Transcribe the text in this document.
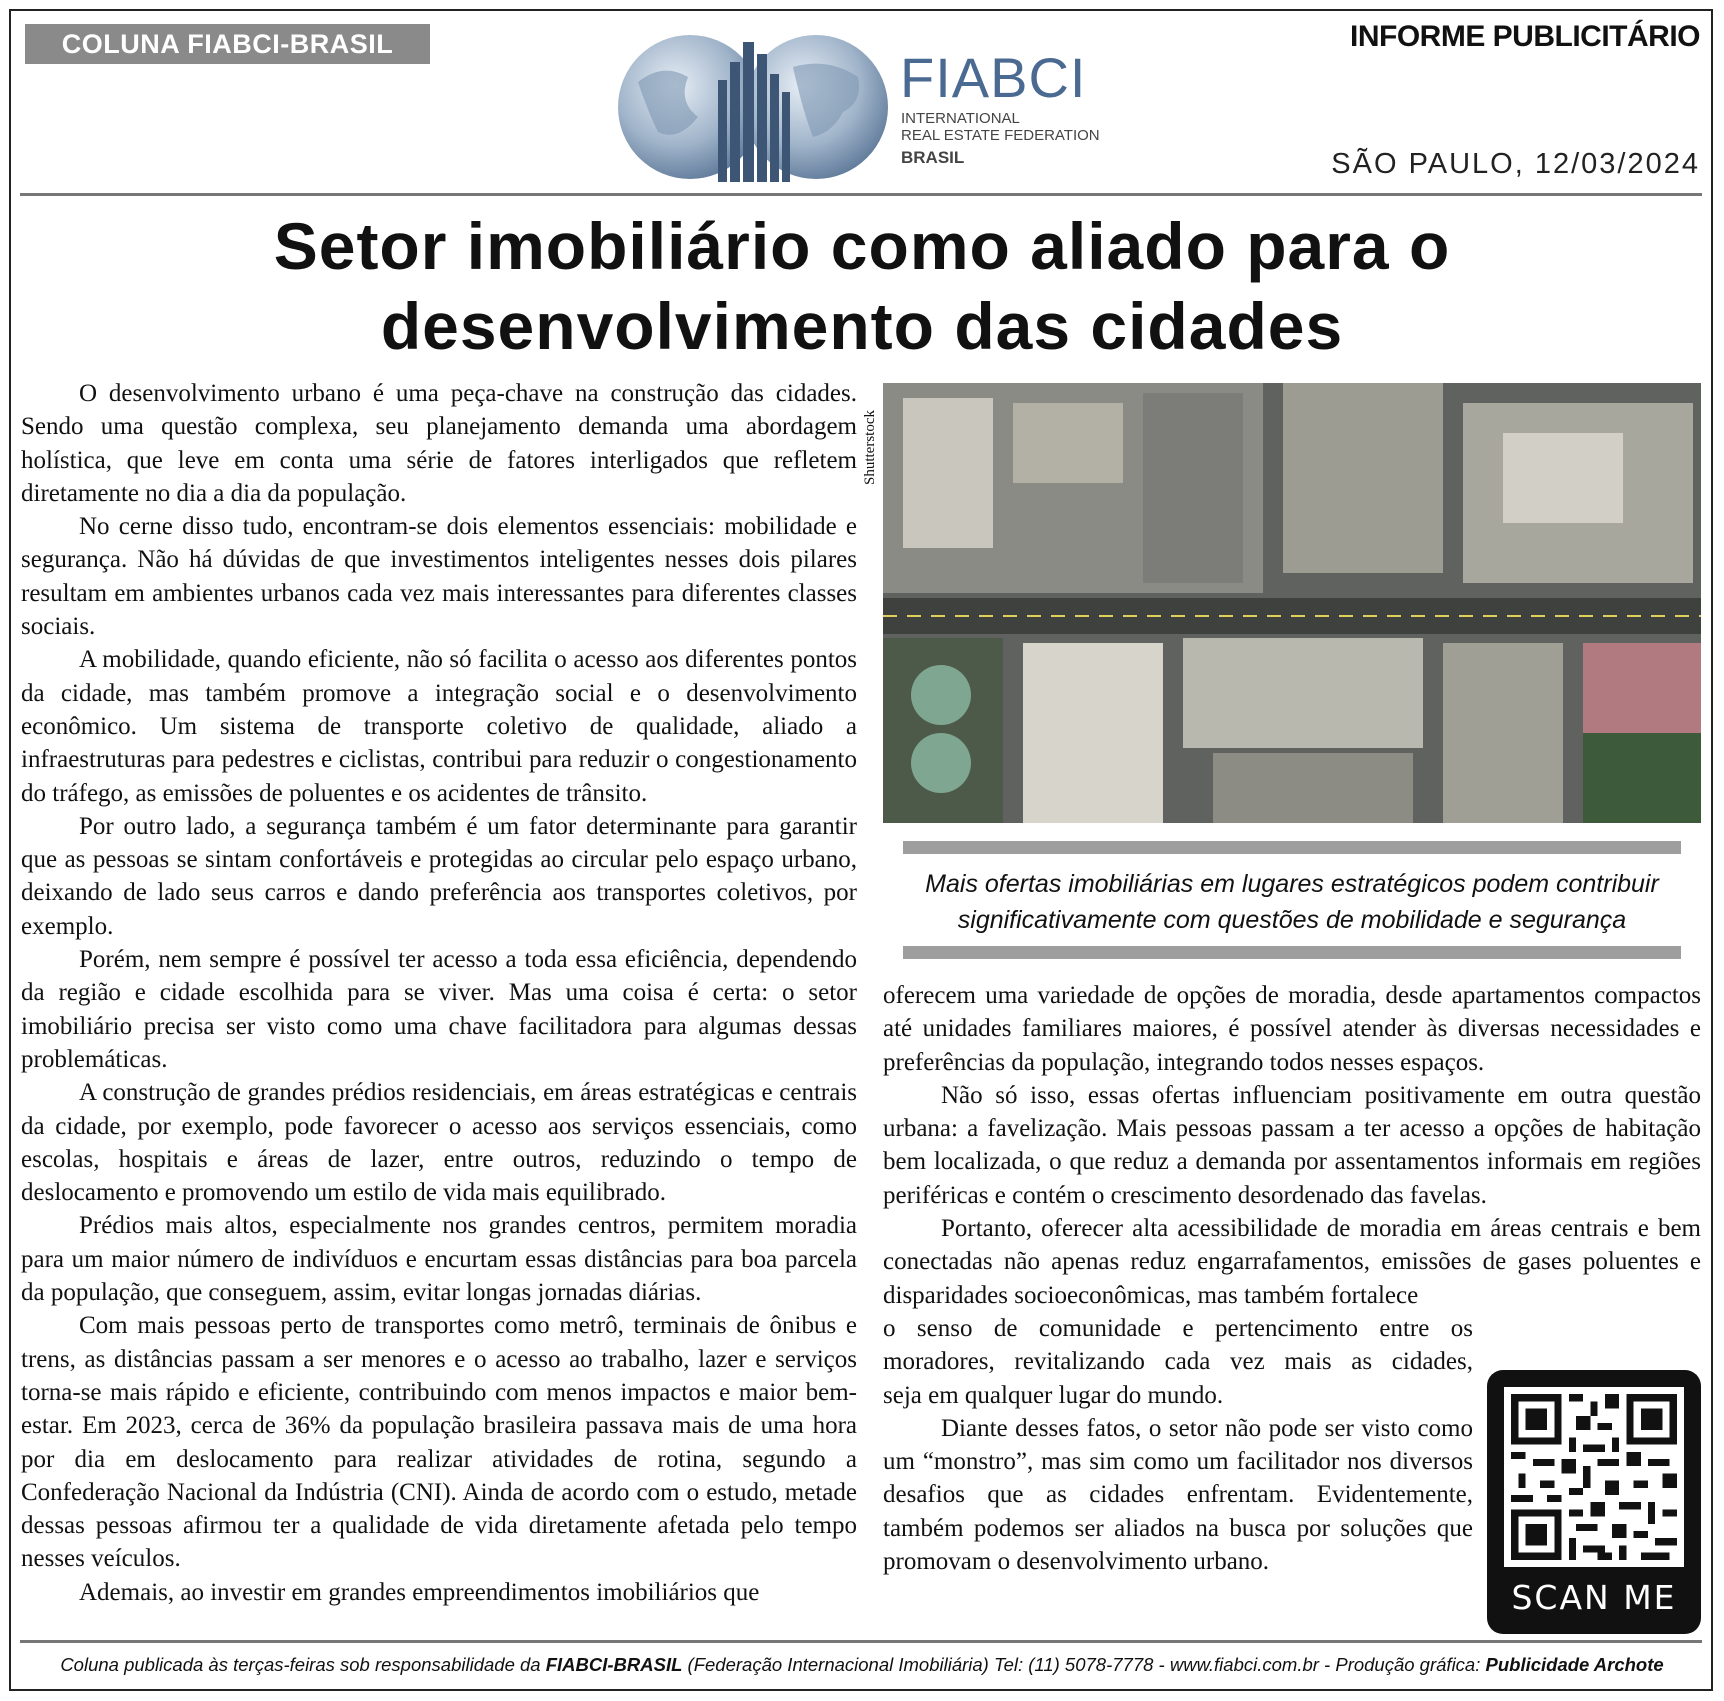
COLUNA FIABCI-BRASIL	INFORME PUBLICITÁRIO
FIABCI
INTERNATIONAL
REAL ESTATE FEDERATION
BRASIL	SÃO PAULO, 12/03/2024
Setor imobiliário como aliado para o
desenvolvimento das cidades

O desenvolvimento urbano é uma peça-chave na construção das cidades. Sendo uma questão complexa, seu planejamento demanda uma abordagem holística, que leve em conta uma série de fatores interligados que refletem diretamente no dia a dia da população.

No cerne disso tudo, encontram-se dois elementos essenciais: mobilidade e segurança. Não há dúvidas de que investimentos inteligentes nesses dois pilares resultam em ambientes urbanos cada vez mais interessantes para diferentes classes sociais.

A mobilidade, quando eficiente, não só facilita o acesso aos diferentes pontos da cidade, mas também promove a integração social e o desenvolvimento econômico. Um sistema de transporte coletivo de qualidade, aliado a infraestruturas para pedestres e ciclistas, contribui para reduzir o congestionamento do tráfego, as emissões de poluentes e os acidentes de trânsito.

Por outro lado, a segurança também é um fator determinante para garantir que as pessoas se sintam confortáveis e protegidas ao circular pelo espaço urbano, deixando de lado seus carros e dando preferência aos transportes coletivos, por exemplo.

Porém, nem sempre é possível ter acesso a toda essa eficiência, dependendo da região e cidade escolhida para se viver. Mas uma coisa é certa: o setor imobiliário precisa ser visto como uma chave facilitadora para algumas dessas problemáticas.

A construção de grandes prédios residenciais, em áreas estratégicas e centrais da cidade, por exemplo, pode favorecer o acesso aos serviços essenciais, como escolas, hospitais e áreas de lazer, entre outros, reduzindo o tempo de deslocamento e promovendo um estilo de vida mais equilibrado.

Prédios mais altos, especialmente nos grandes centros, permitem moradia para um maior número de indivíduos e encurtam essas distâncias para boa parcela da população, que conseguem, assim, evitar longas jornadas diárias.

Com mais pessoas perto de transportes como metrô, terminais de ônibus e trens, as distâncias passam a ser menores e o acesso ao trabalho, lazer e serviços torna-se mais rápido e eficiente, contribuindo com menos impactos e maior bem-estar. Em 2023, cerca de 36% da população brasileira passava mais de uma hora por dia em deslocamento para realizar atividades de rotina, segundo a Confederação Nacional da Indústria (CNI). Ainda de acordo com o estudo, metade dessas pessoas afirmou ter a qualidade de vida diretamente afetada pelo tempo nesses veículos.

Ademais, ao investir em grandes empreendimentos imobiliários que

Shutterstock
Mais ofertas imobiliárias em lugares estratégicos podem contribuir
significativamente com questões de mobilidade e segurança

oferecem uma variedade de opções de moradia, desde apartamentos compactos até unidades familiares maiores, é possível atender às diversas necessidades e preferências da população, integrando todos nesses espaços.

Não só isso, essas ofertas influenciam positivamente em outra questão urbana: a favelização. Mais pessoas passam a ter acesso a opções de habitação bem localizada, o que reduz a demanda por assentamentos informais em regiões periféricas e contém o crescimento desordenado das favelas.

Portanto, oferecer alta acessibilidade de moradia em áreas centrais e bem conectadas não apenas reduz engarrafamentos, emissões de gases poluentes e disparidades socioeconômicas, mas também fortalece

o senso de comunidade e pertencimento entre os
moradores, revitalizando cada vez mais as cidades,
seja em qualquer lugar do mundo.

Diante desses fatos, o setor não pode ser visto como um “monstro”, mas sim como um facilitador nos diversos desafios que as cidades enfrentam. Evidentemente, também podemos ser aliados na busca por soluções que promovam o desenvolvimento urbano.

SCAN ME
Coluna publicada às terças-feiras sob responsabilidade da FIABCI-BRASIL (Federação Internacional Imobiliária) Tel: (11) 5078-7778 - www.fiabci.com.br - Produção gráfica: Publicidade Archote
